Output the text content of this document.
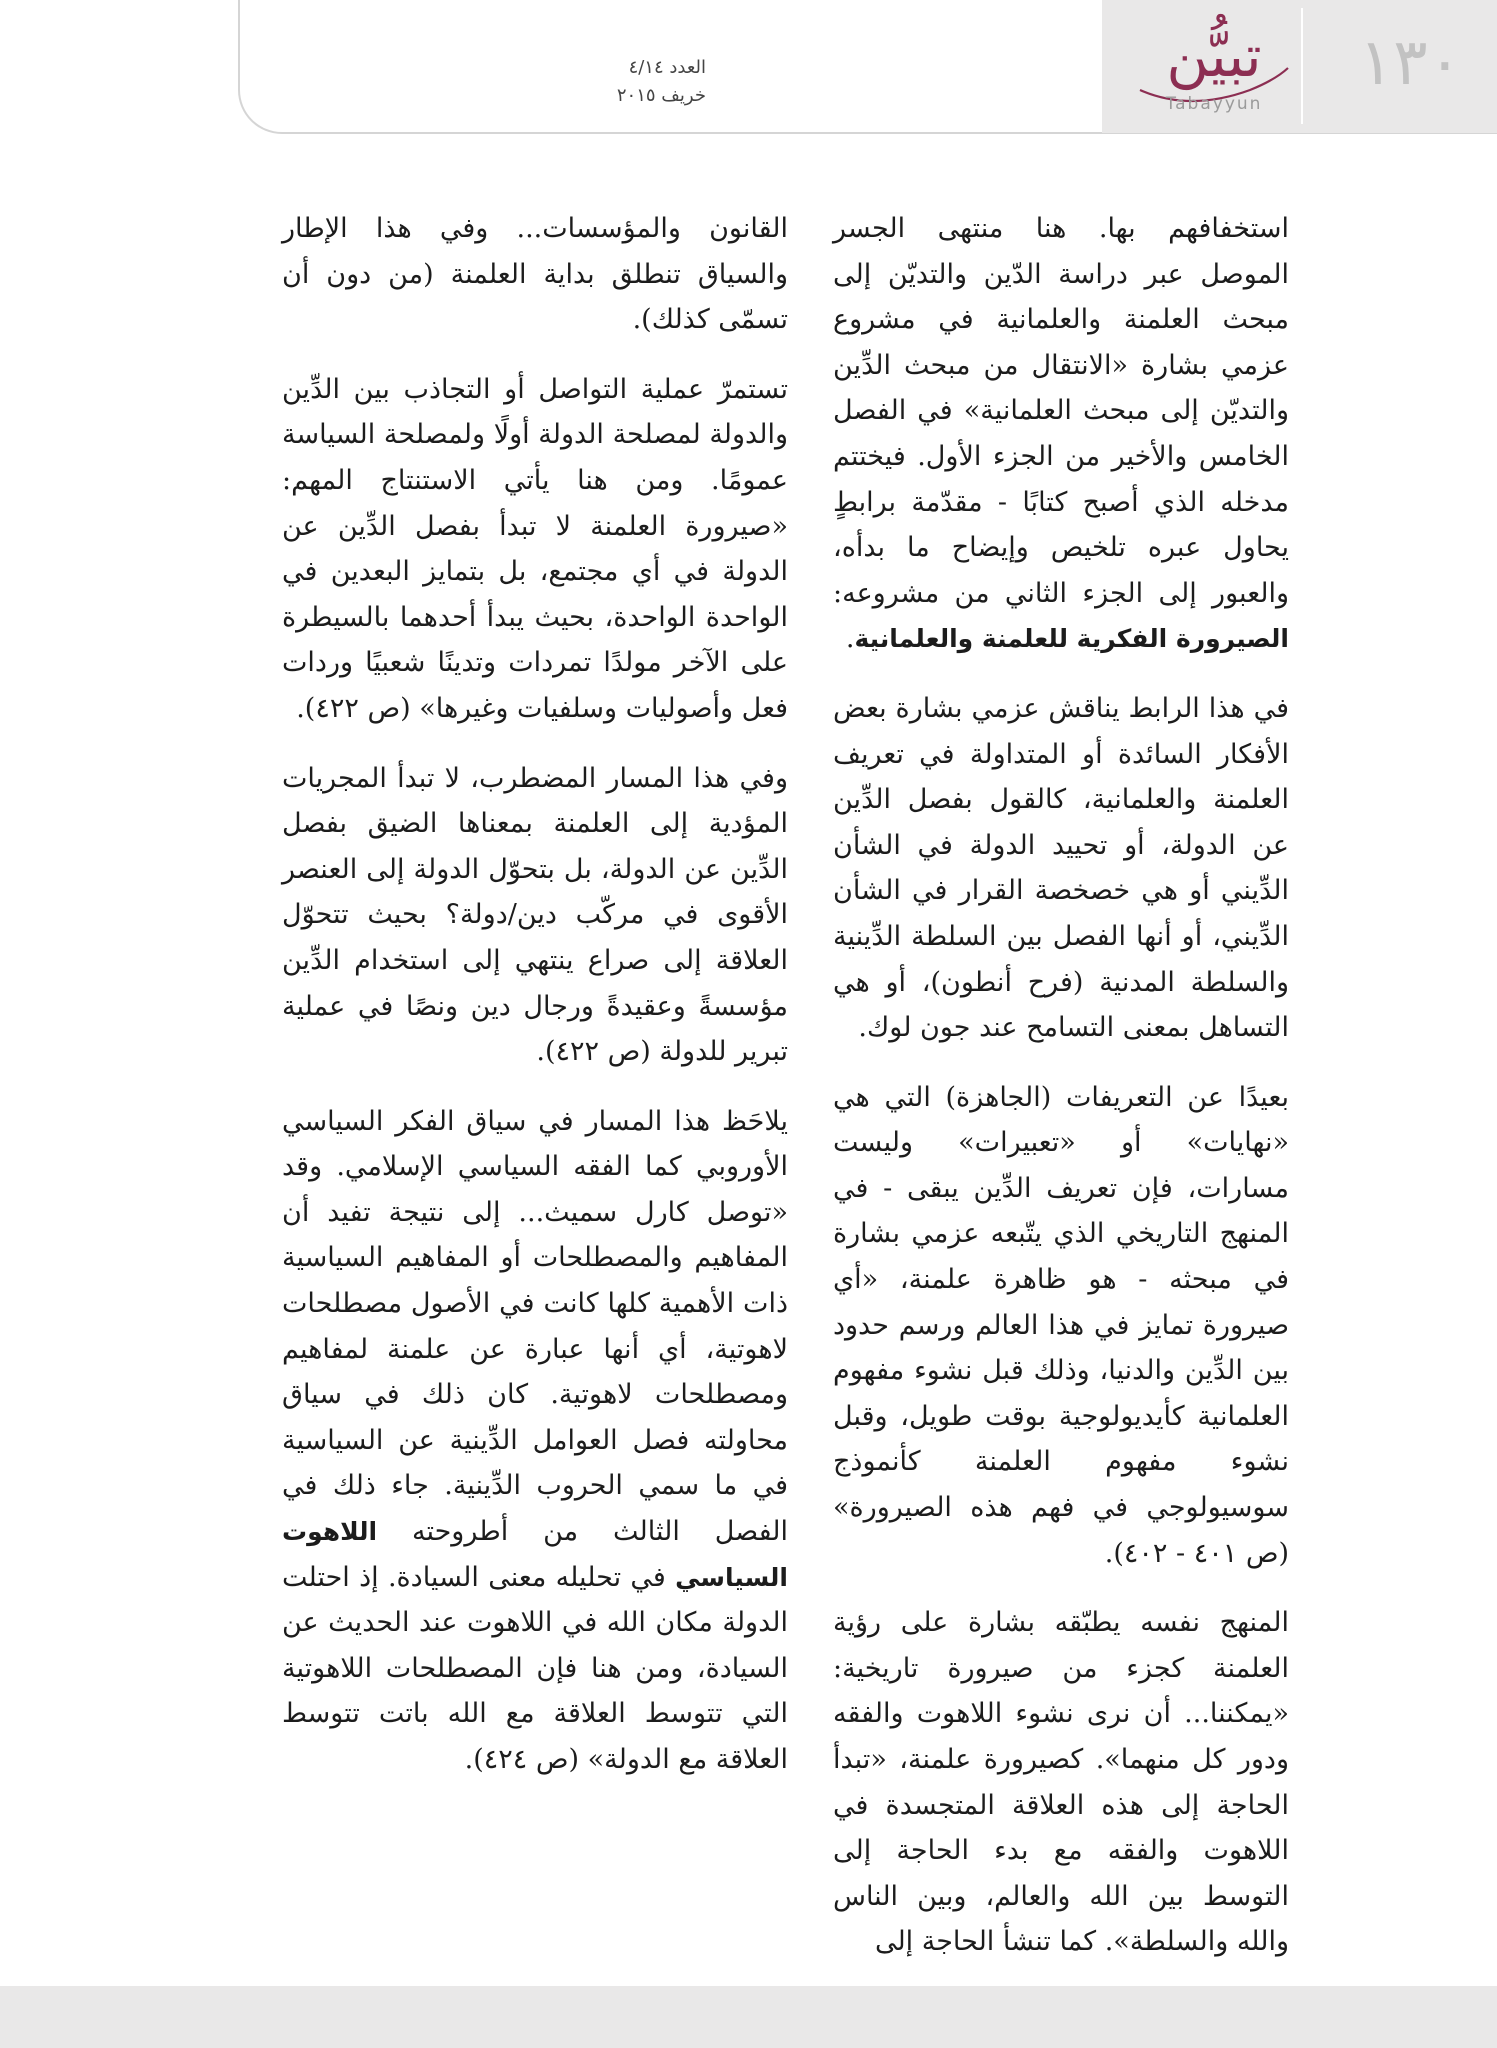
العدد ٤/١٤
خريف ٢٠١٥	١٣٠
تبيُّن
Tabayyun

استخفافهم بها. هنا منتهى الجسر الموصل عبر دراسة الدّين والتديّن إلى مبحث العلمنة والعلمانية في مشروع عزمي بشارة «الانتقال من مبحث الدِّين والتديّن إلى مبحث العلمانية» في الفصل الخامس والأخير من الجزء الأول. فيختتم مدخله الذي أصبح كتابًا - مقدّمة برابطٍ يحاول عبره تلخيص وإيضاح ما بدأه، والعبور إلى الجزء الثاني من مشروعه: الصيرورة الفكرية للعلمنة والعلمانية.

في هذا الرابط يناقش عزمي بشارة بعض الأفكار السائدة أو المتداولة في تعريف العلمنة والعلمانية، كالقول بفصل الدِّين عن الدولة، أو تحييد الدولة في الشأن الدِّيني أو هي خصخصة القرار في الشأن الدِّيني، أو أنها الفصل بين السلطة الدِّينية والسلطة المدنية (فرح أنطون)، أو هي التساهل بمعنى التسامح عند جون لوك.

بعيدًا عن التعريفات (الجاهزة) التي هي «نهايات» أو «تعبيرات» وليست مسارات، فإن تعريف الدِّين يبقى - في المنهج التاريخي الذي يتّبعه عزمي بشارة في مبحثه - هو ظاهرة علمنة، «أي صيرورة تمايز في هذا العالم ورسم حدود بين الدِّين والدنيا، وذلك قبل نشوء مفهوم العلمانية كأيديولوجية بوقت طويل، وقبل نشوء مفهوم العلمنة كأنموذج سوسيولوجي في فهم هذه الصيرورة» (ص ٤٠١ - ٤٠٢).

المنهج نفسه يطبّقه بشارة على رؤية العلمنة كجزء من صيرورة تاريخية: «يمكننا... أن نرى نشوء اللاهوت والفقه ودور كل منهما». كصيرورة علمنة، «تبدأ الحاجة إلى هذه العلاقة المتجسدة في اللاهوت والفقه مع بدء الحاجة إلى التوسط بين الله والعالم، وبين الناس والله والسلطة». كما تنشأ الحاجة إلى

القانون والمؤسسات... وفي هذا الإطار والسياق تنطلق بداية العلمنة (من دون أن تسمّى كذلك).

تستمرّ عملية التواصل أو التجاذب بين الدِّين والدولة لمصلحة الدولة أولًا ولمصلحة السياسة عمومًا. ومن هنا يأتي الاستنتاج المهم: «صيرورة العلمنة لا تبدأ بفصل الدِّين عن الدولة في أي مجتمع، بل بتمايز البعدين في الواحدة الواحدة، بحيث يبدأ أحدهما بالسيطرة على الآخر مولدًا تمردات وتدينًا شعبيًا وردات فعل وأصوليات وسلفيات وغيرها» (ص ٤٢٢).

وفي هذا المسار المضطرب، لا تبدأ المجريات المؤدية إلى العلمنة بمعناها الضيق بفصل الدِّين عن الدولة، بل بتحوّل الدولة إلى العنصر الأقوى في مركّب دين/دولة؟ بحيث تتحوّل العلاقة إلى صراع ينتهي إلى استخدام الدِّين مؤسسةً وعقيدةً ورجال دين ونصًا في عملية تبرير للدولة (ص ٤٢٢).

يلاحَظ هذا المسار في سياق الفكر السياسي الأوروبي كما الفقه السياسي الإسلامي. وقد «توصل كارل سميث... إلى نتيجة تفيد أن المفاهيم والمصطلحات أو المفاهيم السياسية ذات الأهمية كلها كانت في الأصول مصطلحات لاهوتية، أي أنها عبارة عن علمنة لمفاهيم ومصطلحات لاهوتية. كان ذلك في سياق محاولته فصل العوامل الدِّينية عن السياسية في ما سمي الحروب الدِّينية. جاء ذلك في الفصل الثالث من أطروحته اللاهوت السياسي في تحليله معنى السيادة. إذ احتلت الدولة مكان الله في اللاهوت عند الحديث عن السيادة، ومن هنا فإن المصطلحات اللاهوتية التي تتوسط العلاقة مع الله باتت تتوسط العلاقة مع الدولة» (ص ٤٢٤).
